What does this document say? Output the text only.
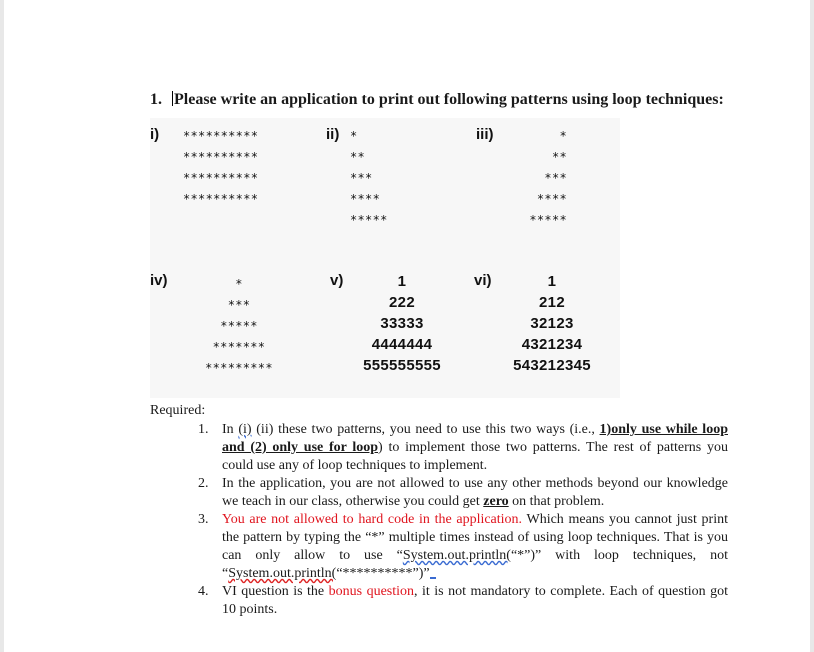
1. Please write an application to print out following patterns using loop techniques:
i) **********
**********
**********
**********
ii) *
**
***
****
*****
iii)	*
**
***
****
*****
iv)	*
***
*****
*******
*********
v)	1
222
33333
4444444
555555555
vi)	1
212
32123
4321234
543212345
Required:
1. In (i) (ii) these two patterns, you need to use this two ways (i.e., 1)only use while loop and (2) only use for loop) to implement those two patterns. The rest of patterns you could use any of loop techniques to implement.
2. In the application, you are not allowed to use any other methods beyond our knowledge we teach in our class, otherwise you could get zero on that problem.
3. You are not allowed to hard code in the application. Which means you cannot just print the pattern by typing the “*” multiple times instead of using loop techniques. That is you can only allow to use “System.out.println(“*”)” with loop techniques, not “System.out.println(“**********”)”
4. VI question is the bonus question, it is not mandatory to complete. Each of question got 10 points.
